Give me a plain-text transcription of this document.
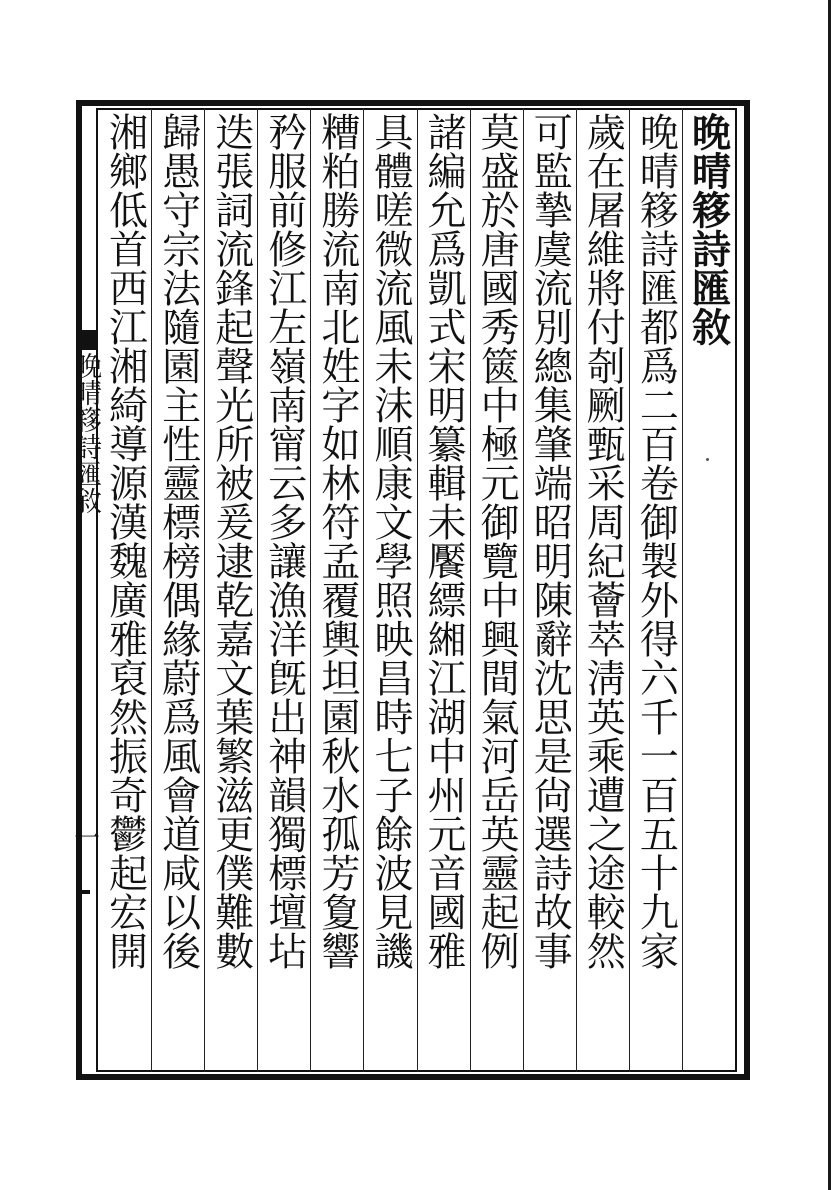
晚晴簃詩匯敘
晚晴簃詩匯都爲二百卷御製外得六千一百五十九家
歲在屠維將付剞劂甄采周紀薈萃淸英乘遭之途較然
可監摯虞流別總集肇端昭明陳辭沈思是尙選詩故事
莫盛於唐國秀篋中極元御覽中興間氣河岳英靈起例
諸編允爲凱式宋明纂輯未饜縹緗江湖中州元音國雅
具體嗟微流風未沬順康文學照映昌時七子餘波見譏
糟粕勝流南北姓字如林符孟覆輿坦園秋水孤芳夐響
矜服前修江左嶺南甯云多讓漁洋旣出神韻獨標壇坫
迭張詞流鋒起聲光所被爰逮乾嘉文葉繁滋更僕難數
歸愚守宗法隨園主性靈標榜偶緣蔚爲風會道咸以後
晚晴簃詩匯敘
一 湘鄉低首西江湘綺導源漢魏廣雅裒然振奇鬱起宏開
